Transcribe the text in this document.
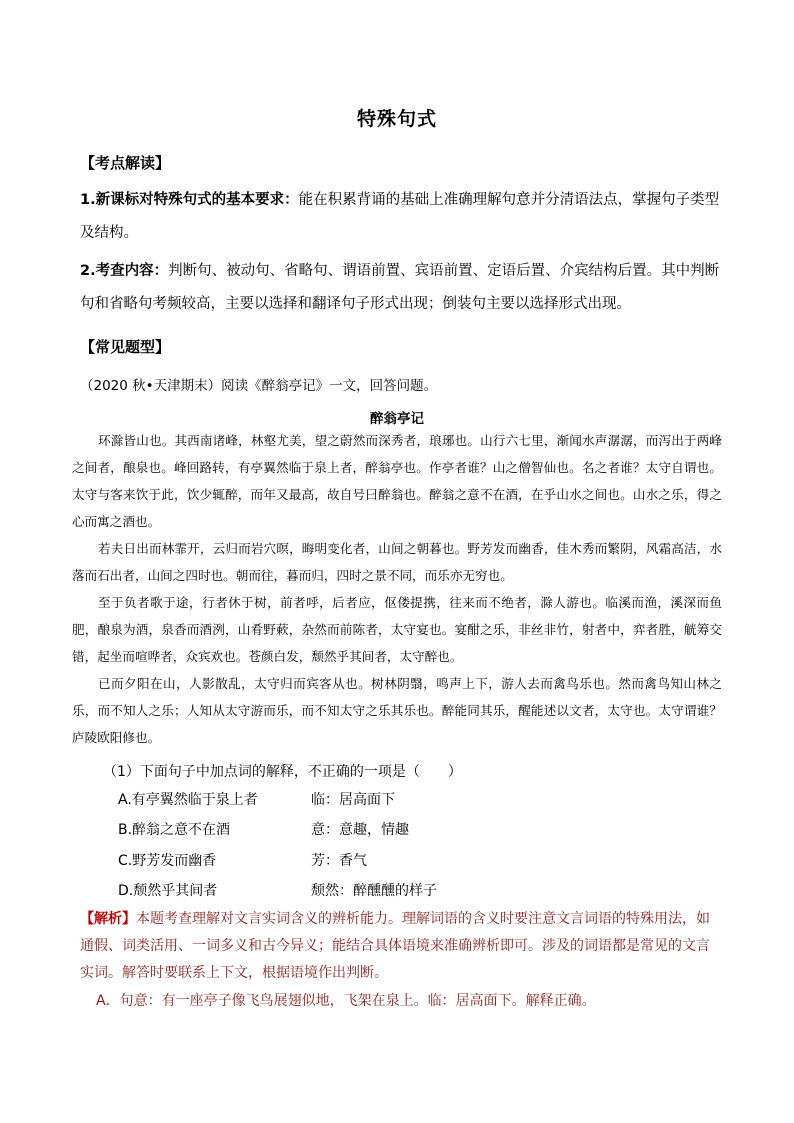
特殊句式
【考点解读】
1.新课标对特殊句式的基本要求：能在积累背诵的基础上准确理解句意并分清语法点，掌握句子类型
及结构。
2.考查内容：判断句、被动句、省略句、谓语前置、宾语前置、定语后置、介宾结构后置。其中判断
句和省略句考频较高，主要以选择和翻译句子形式出现；倒装句主要以选择形式出现。
【常见题型】
（2020 秋•天津期末）阅读《醉翁亭记》一文，回答问题。
醉翁亭记
环滁皆山也。其西南诸峰，林壑尤美，望之蔚然而深秀者，琅琊也。山行六七里，渐闻水声潺潺，而泻出于两峰之间者，酿泉也。峰回路转，有亭翼然临于泉上者，醉翁亭也。作亭者谁？山之僧智仙也。名之者谁？太守自谓也。太守与客来饮于此，饮少辄醉，而年又最高，故自号曰醉翁也。醉翁之意不在酒，在乎山水之间也。山水之乐，得之心而寓之酒也。
若夫日出而林霏开，云归而岩穴暝，晦明变化者，山间之朝暮也。野芳发而幽香，佳木秀而繁阴，风霜高洁，水落而石出者，山间之四时也。朝而往，暮而归，四时之景不同，而乐亦无穷也。
至于负者歌于途，行者休于树，前者呼，后者应，伛偻提携，往来而不绝者，滁人游也。临溪而渔，溪深而鱼肥，酿泉为酒，泉香而酒洌，山肴野蔌，杂然而前陈者，太守宴也。宴酣之乐，非丝非竹，射者中，弈者胜，觥筹交错，起坐而喧哗者，众宾欢也。苍颜白发，颓然乎其间者，太守醉也。
已而夕阳在山，人影散乱，太守归而宾客从也。树林阴翳，鸣声上下，游人去而禽鸟乐也。然而禽鸟知山林之乐，而不知人之乐；人知从太守游而乐，而不知太守之乐其乐也。醉能同其乐，醒能述以文者，太守也。太守谓谁？庐陵欧阳修也。
（1）下面句子中加点词的解释，不正确的一项是（　　）
A.有亭翼然临于泉上者	临：居高面下
B.醉翁之意不在酒	意：意趣，情趣
C.野芳发而幽香	芳：香气
D.颓然乎其间者	颓然：醉醺醺的样子
【解析】本题考查理解对文言实词含义的辨析能力。理解词语的含义时要注意文言词语的特殊用法，如通假、词类活用、一词多义和古今异义；能结合具体语境来准确辨析即可。涉及的词语都是常见的文言实词。解答时要联系上下文，根据语境作出判断。
A．句意：有一座亭子像飞鸟展翅似地，飞架在泉上。临：居高面下。解释正确。
